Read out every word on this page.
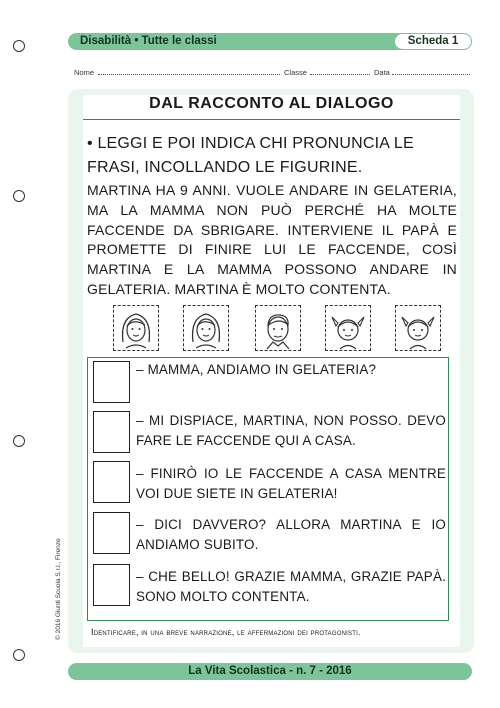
Disabilità • Tutte le classi	Scheda 1
Nome	Classe	Data
DAL RACCONTO AL DIALOGO
• LEGGI E POI INDICA CHI PRONUNCIA LE FRASI, INCOLLANDO LE FIGURINE.
MARTINA HA 9 ANNI. VUOLE ANDARE IN GELATERIA, MA LA MAMMA NON PUÒ PERCHÉ HA MOLTE FACCENDE DA SBRIGARE. INTERVIENE IL PAPÀ E PROMETTE DI FINIRE LUI LE FACCENDE, COSÌ MARTINA E LA MAMMA POSSONO ANDARE IN GELATERIA. MARTINA È MOLTO CONTENTA.
– MAMMA, ANDIAMO IN GELATERIA?
– MI DISPIACE, MARTINA, NON POSSO. DEVO FARE LE FACCENDE QUI A CASA.
– FINIRÒ IO LE FACCENDE A CASA MENTRE VOI DUE SIETE IN GELATERIA!
– DICI DAVVERO? ALLORA MARTINA E IO ANDIAMO SUBITO.
– CHE BELLO! GRAZIE MAMMA, GRAZIE PAPÀ. SONO MOLTO CONTENTA.
Identificare, in una breve narrazione, le affermazioni dei protagonisti.
© 2016 Giunti Scuola S.r.l., Firenze
La Vita Scolastica - n. 7 - 2016
